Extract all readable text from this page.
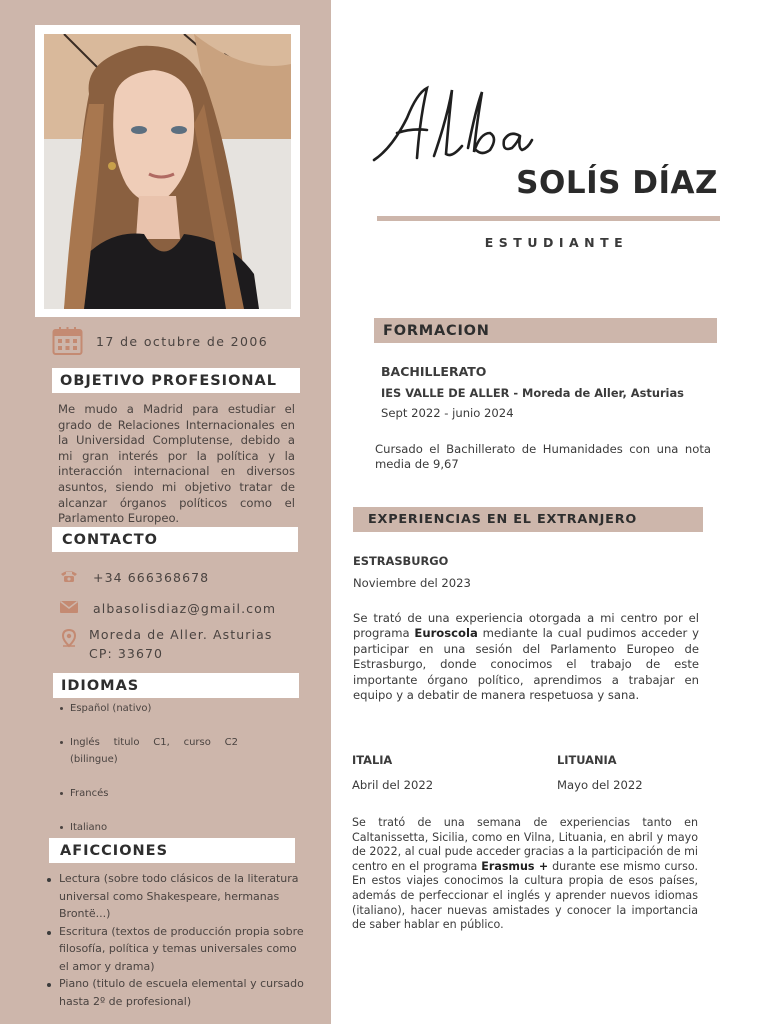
17 de octubre de 2006
OBJETIVO PROFESIONAL
Me mudo a Madrid para estudiar el grado de Relaciones Internacionales en la Universidad Complutense, debido a mi gran interés por la política y la interacción internacional en diversos asuntos, siendo mi objetivo tratar de alcanzar órganos políticos como el Parlamento Europeo.
CONTACTO
+34 666368678
albasolisdiaz@gmail.com
Moreda de Aller. Asturias
CP: 33670
IDIOMAS
Español (nativo)
Inglés titulo C1, curso C2 (bilingue)
Francés
Italiano
AFICCIONES
Lectura (sobre todo clásicos de la literatura universal como Shakespeare, hermanas Brontë...)
Escritura (textos de producción propia sobre filosofía, política y temas universales como el amor y drama)
Piano (titulo de escuela elemental y cursado hasta 2º de profesional)
Alba
SOLÍS DÍAZ
ESTUDIANTE
FORMACION
BACHILLERATO
IES VALLE DE ALLER - Moreda de Aller, Asturias
Sept 2022 - junio 2024
Cursado el Bachillerato de Humanidades con una nota media de 9,67
EXPERIENCIAS EN EL EXTRANJERO
ESTRASBURGO
Noviembre del 2023
Se trató de una experiencia otorgada a mi centro por el programa Euroscola mediante la cual pudimos acceder y participar en una sesión del Parlamento Europeo de Estrasburgo, donde conocimos el trabajo de este importante órgano político, aprendimos a trabajar en equipo y a debatir de manera respetuosa y sana.
ITALIA
Abril del 2022
LITUANIA
Mayo del 2022
Se trató de una semana de experiencias tanto en Caltanissetta, Sicilia, como en Vilna, Lituania, en abril y mayo de 2022, al cual pude acceder gracias a la participación de mi centro en el programa Erasmus + durante ese mismo curso. En estos viajes conocimos la cultura propia de esos países, además de perfeccionar el inglés y aprender nuevos idiomas (italiano), hacer nuevas amistades y conocer la importancia de saber hablar en público.
